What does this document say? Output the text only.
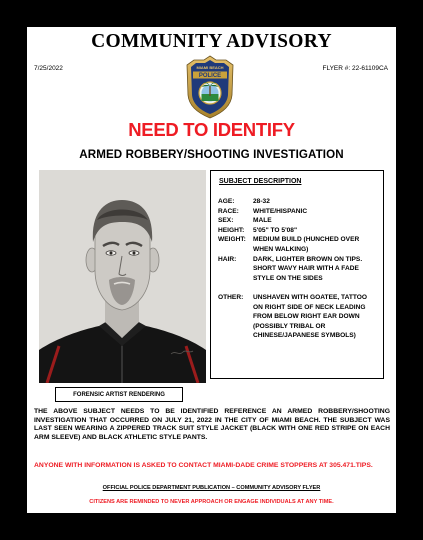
COMMUNITY ADVISORY
7/25/2022	FLYER #: 22-61109CA
MIAMI BEACH
POLICE
NEED TO IDENTIFY
ARMED ROBBERY/SHOOTING INVESTIGATION
FORENSIC ARTIST RENDERING
SUBJECT DESCRIPTION
AGE:	28-32
RACE:	WHITE/HISPANIC
SEX:	MALE
HEIGHT:	5'05" TO 5'08"
WEIGHT:	MEDIUM BUILD (HUNCHED OVER WHEN WALKING)
HAIR:	DARK, LIGHTER BROWN ON TIPS. SHORT WAVY HAIR WITH A FADE STYLE ON THE SIDES
OTHER:	UNSHAVEN WITH GOATEE, TATTOO ON RIGHT SIDE OF NECK LEADING FROM BELOW RIGHT EAR DOWN (POSSIBLY TRIBAL OR CHINESE/JAPANESE SYMBOLS)

THE ABOVE SUBJECT NEEDS TO BE IDENTIFIED REFERENCE AN ARMED ROBBERY/SHOOTING INVESTIGATION THAT OCCURRED ON JULY 21, 2022 IN THE CITY OF MIAMI BEACH. THE SUBJECT WAS LAST SEEN WEARING A ZIPPERED TRACK SUIT STYLE JACKET (BLACK WITH ONE RED STRIPE ON EACH ARM SLEEVE) AND BLACK ATHLETIC STYLE PANTS.

ANYONE WITH INFORMATION IS ASKED TO CONTACT MIAMI-DADE CRIME STOPPERS AT 305.471.TIPS.

OFFICIAL POLICE DEPARTMENT PUBLICATION – COMMUNITY ADVISORY FLYER
CITIZENS ARE REMINDED TO NEVER APPROACH OR ENGAGE INDIVIDUALS AT ANY TIME.
